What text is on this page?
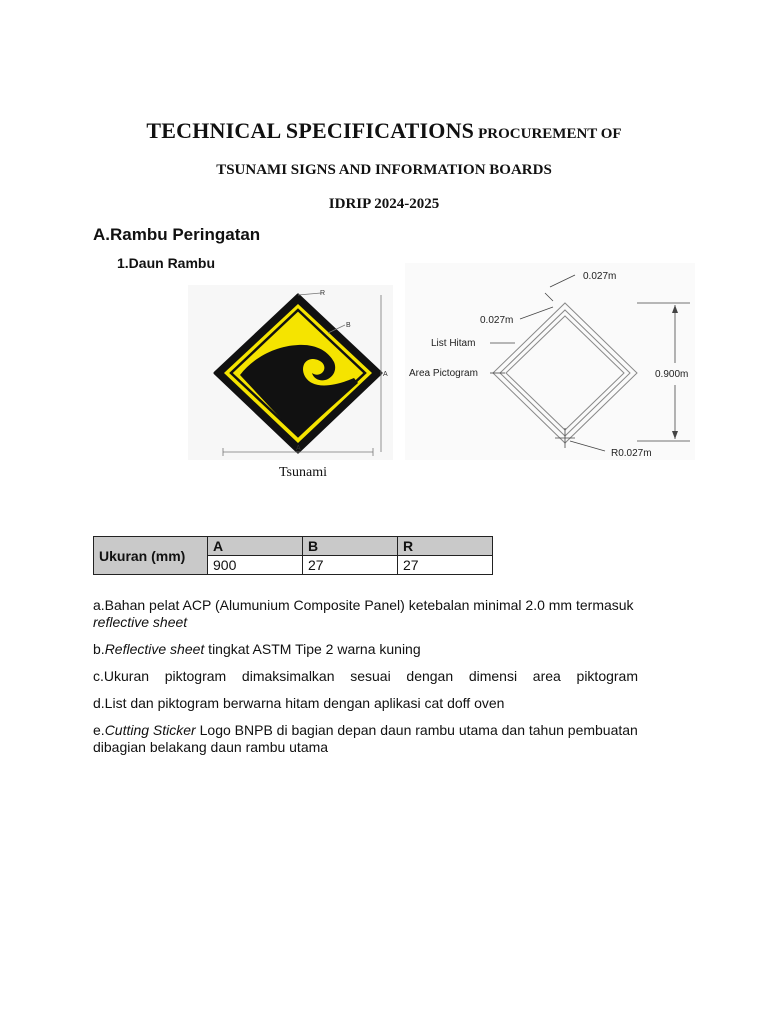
TECHNICAL SPECIFICATIONS PROCUREMENT OF
TSUNAMI SIGNS AND INFORMATION BOARDS
IDRIP 2024-2025
A.Rambu Peringatan
1.Daun Rambu
R
B
A
A
0.027m
0.027m
List Hitam
Area Pictogram	0.900m
R0.027m
Tsunami
Ukuran (mm)	A	B	R
	900	27	27

a.Bahan pelat ACP (Alumunium Composite Panel) ketebalan minimal 2.0 mm termasuk reflective sheet

b.Reflective sheet tingkat ASTM Tipe 2 warna kuning

c.Ukuran piktogram dimaksimalkan sesuai dengan dimensi area piktogram

d.List dan piktogram berwarna hitam dengan aplikasi cat doff oven

e.Cutting Sticker Logo BNPB di bagian depan daun rambu utama dan tahun pembuatan dibagian belakang daun rambu utama
